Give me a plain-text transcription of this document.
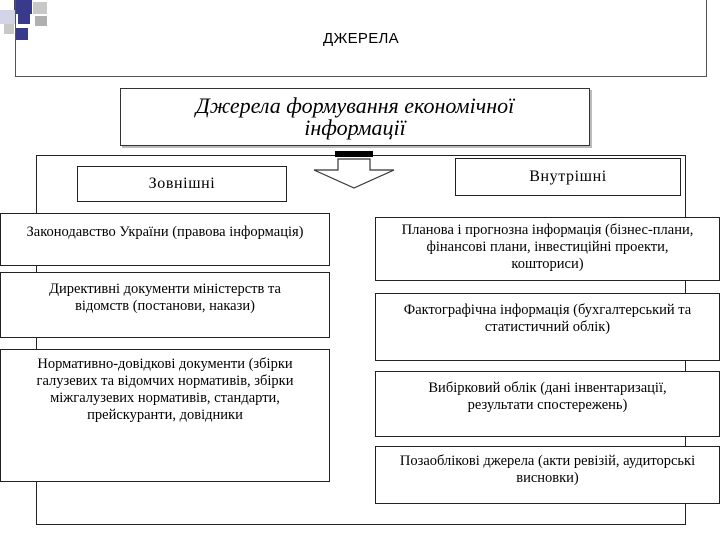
ДЖЕРЕЛА
Джерела формування економічної
інформації
Зовнішні	Внутрішні
Законодавство України (правова інформація)
Директивні документи міністерств та
відомств (постанови, накази)
Нормативно-довідкові документи (збірки
галузевих та відомчих нормативів, збірки
міжгалузевих нормативів, стандарти,
прейскуранти, довідники
Планова і прогнозна інформація (бізнес-плани,
фінансові плани, інвестиційні проекти,
кошториси)
Фактографічна інформація (бухгалтерський та
статистичний облік)
Вибірковий облік (дані інвентаризації,
результати спостережень)
Позаоблікові джерела (акти ревізій, аудиторські
висновки)
